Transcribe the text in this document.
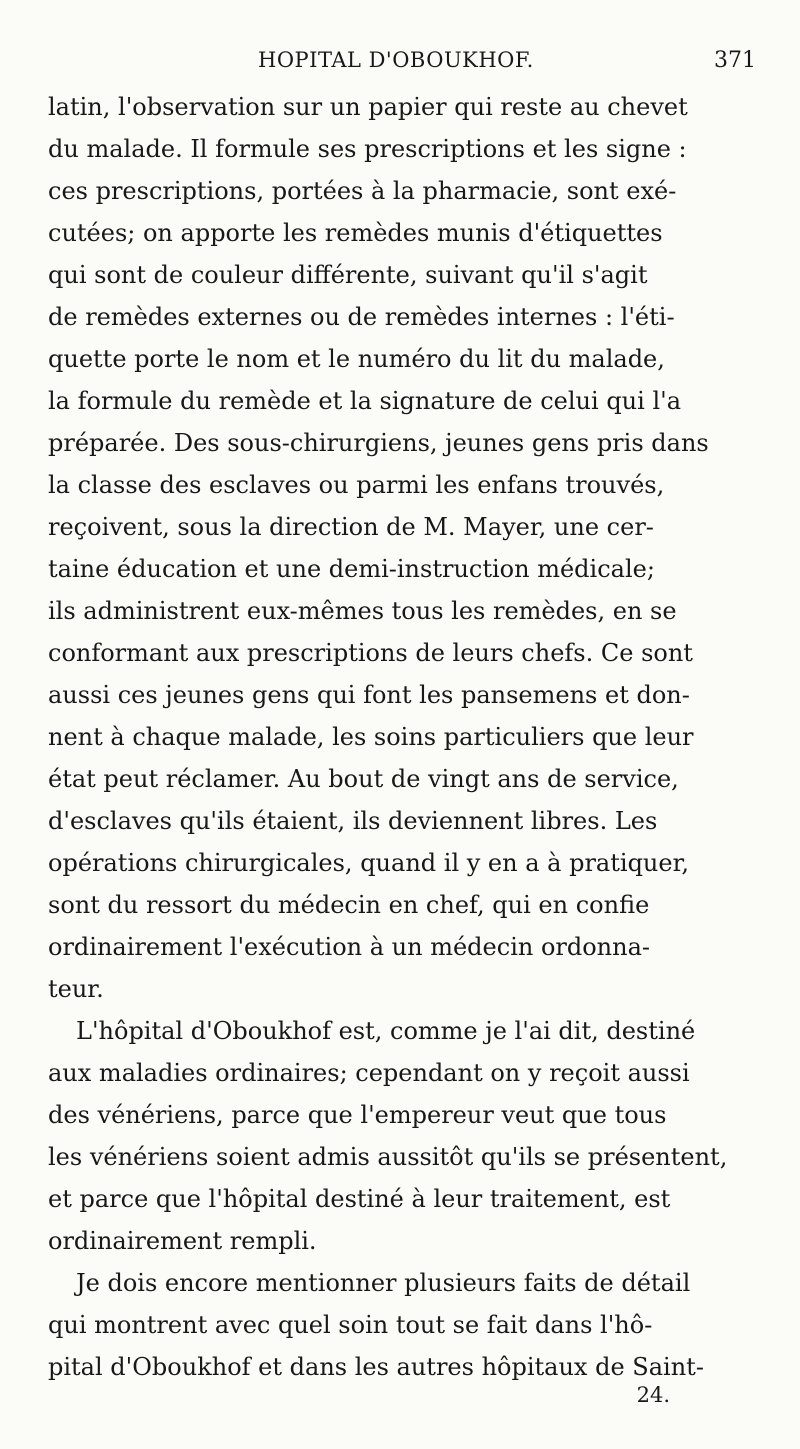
HOPITAL D'OBOUKHOF.	371
latin, l'observation sur un papier qui reste au chevet
du malade. Il formule ses prescriptions et les signe :
ces prescriptions, portées à la pharmacie, sont exé-
cutées; on apporte les remèdes munis d'étiquettes
qui sont de couleur différente, suivant qu'il s'agit
de remèdes externes ou de remèdes internes : l'éti-
quette porte le nom et le numéro du lit du malade,
la formule du remède et la signature de celui qui l'a
préparée. Des sous-chirurgiens, jeunes gens pris dans
la classe des esclaves ou parmi les enfans trouvés,
reçoivent, sous la direction de M. Mayer, une cer-
taine éducation et une demi-instruction médicale;
ils administrent eux-mêmes tous les remèdes, en se
conformant aux prescriptions de leurs chefs. Ce sont
aussi ces jeunes gens qui font les pansemens et don-
nent à chaque malade, les soins particuliers que leur
état peut réclamer. Au bout de vingt ans de service,
d'esclaves qu'ils étaient, ils deviennent libres. Les
opérations chirurgicales, quand il y en a à pratiquer,
sont du ressort du médecin en chef, qui en confie
ordinairement l'exécution à un médecin ordonna-
teur.
L'hôpital d'Oboukhof est, comme je l'ai dit, destiné
aux maladies ordinaires; cependant on y reçoit aussi
des vénériens, parce que l'empereur veut que tous
les vénériens soient admis aussitôt qu'ils se présentent,
et parce que l'hôpital destiné à leur traitement, est
ordinairement rempli.
Je dois encore mentionner plusieurs faits de détail
qui montrent avec quel soin tout se fait dans l'hô-
pital d'Oboukhof et dans les autres hôpitaux de Saint-
24.
